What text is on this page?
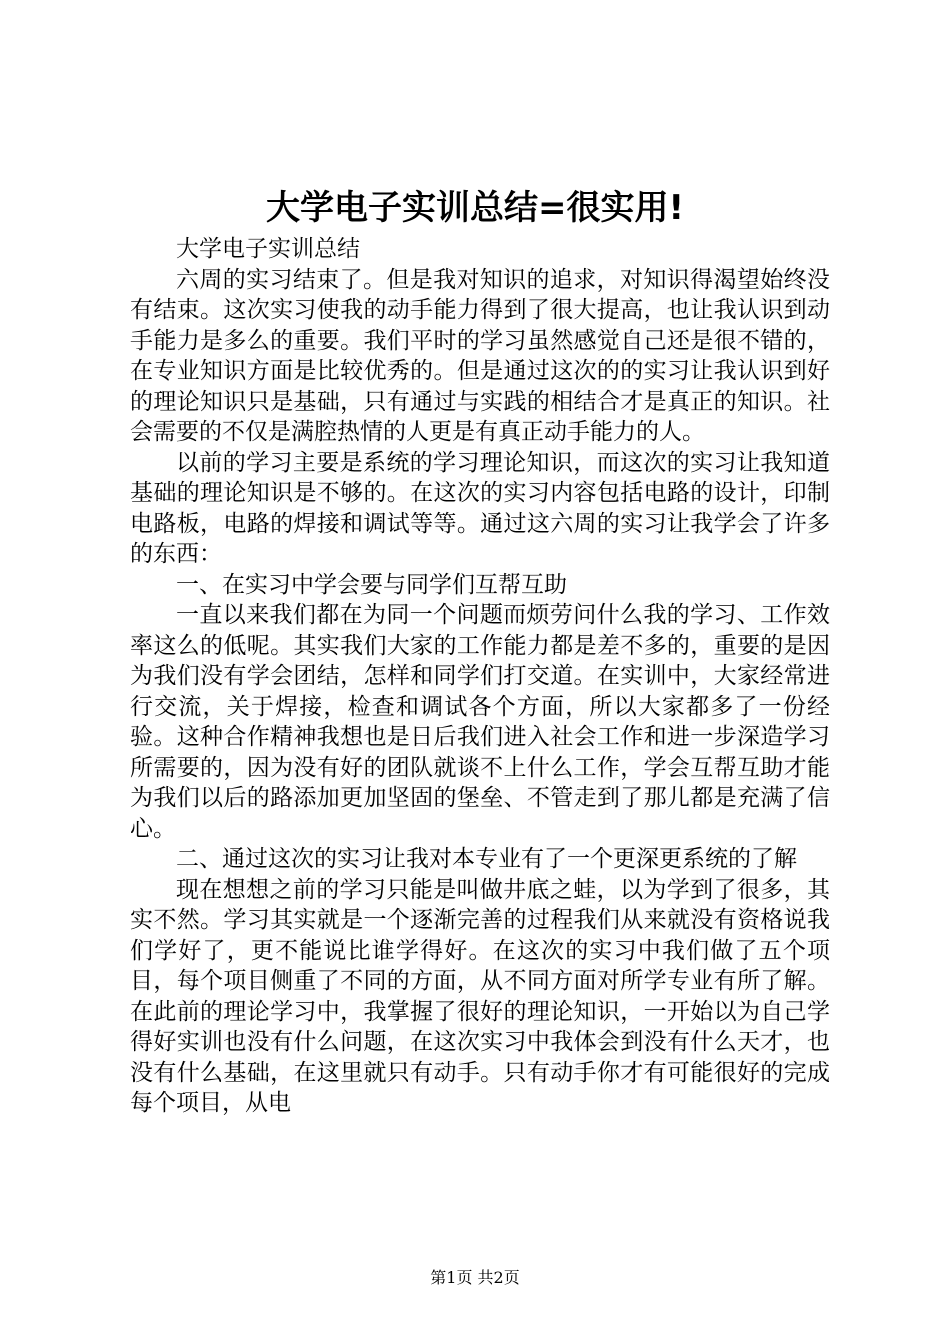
大学电子实训总结=很实用!

大学电子实训总结

六周的实习结束了。但是我对知识的追求，对知识得渴望始终没有结束。这次实习使我的动手能力得到了很大提高，也让我认识到动手能力是多么的重要。我们平时的学习虽然感觉自己还是很不错的，在专业知识方面是比较优秀的。但是通过这次的的实习让我认识到好的理论知识只是基础，只有通过与实践的相结合才是真正的知识。社会需要的不仅是满腔热情的人更是有真正动手能力的人。

以前的学习主要是系统的学习理论知识，而这次的实习让我知道基础的理论知识是不够的。在这次的实习内容包括电路的设计，印制电路板，电路的焊接和调试等等。通过这六周的实习让我学会了许多的东西：

一、在实习中学会要与同学们互帮互助

一直以来我们都在为同一个问题而烦劳问什么我的学习、工作效率这么的低呢。其实我们大家的工作能力都是差不多的，重要的是因为我们没有学会团结，怎样和同学们打交道。在实训中，大家经常进行交流，关于焊接，检查和调试各个方面，所以大家都多了一份经验。这种合作精神我想也是日后我们进入社会工作和进一步深造学习所需要的，因为没有好的团队就谈不上什么工作，学会互帮互助才能为我们以后的路添加更加坚固的堡垒、不管走到了那儿都是充满了信心。

二、通过这次的实习让我对本专业有了一个更深更系统的了解

现在想想之前的学习只能是叫做井底之蛙，以为学到了很多，其实不然。学习其实就是一个逐渐完善的过程我们从来就没有资格说我们学好了，更不能说比谁学得好。在这次的实习中我们做了五个项目，每个项目侧重了不同的方面，从不同方面对所学专业有所了解。在此前的理论学习中，我掌握了很好的理论知识，一开始以为自己学得好实训也没有什么问题，在这次实习中我体会到没有什么天才，也没有什么基础，在这里就只有动手。只有动手你才有可能很好的完成每个项目，从电

第1页 共2页
